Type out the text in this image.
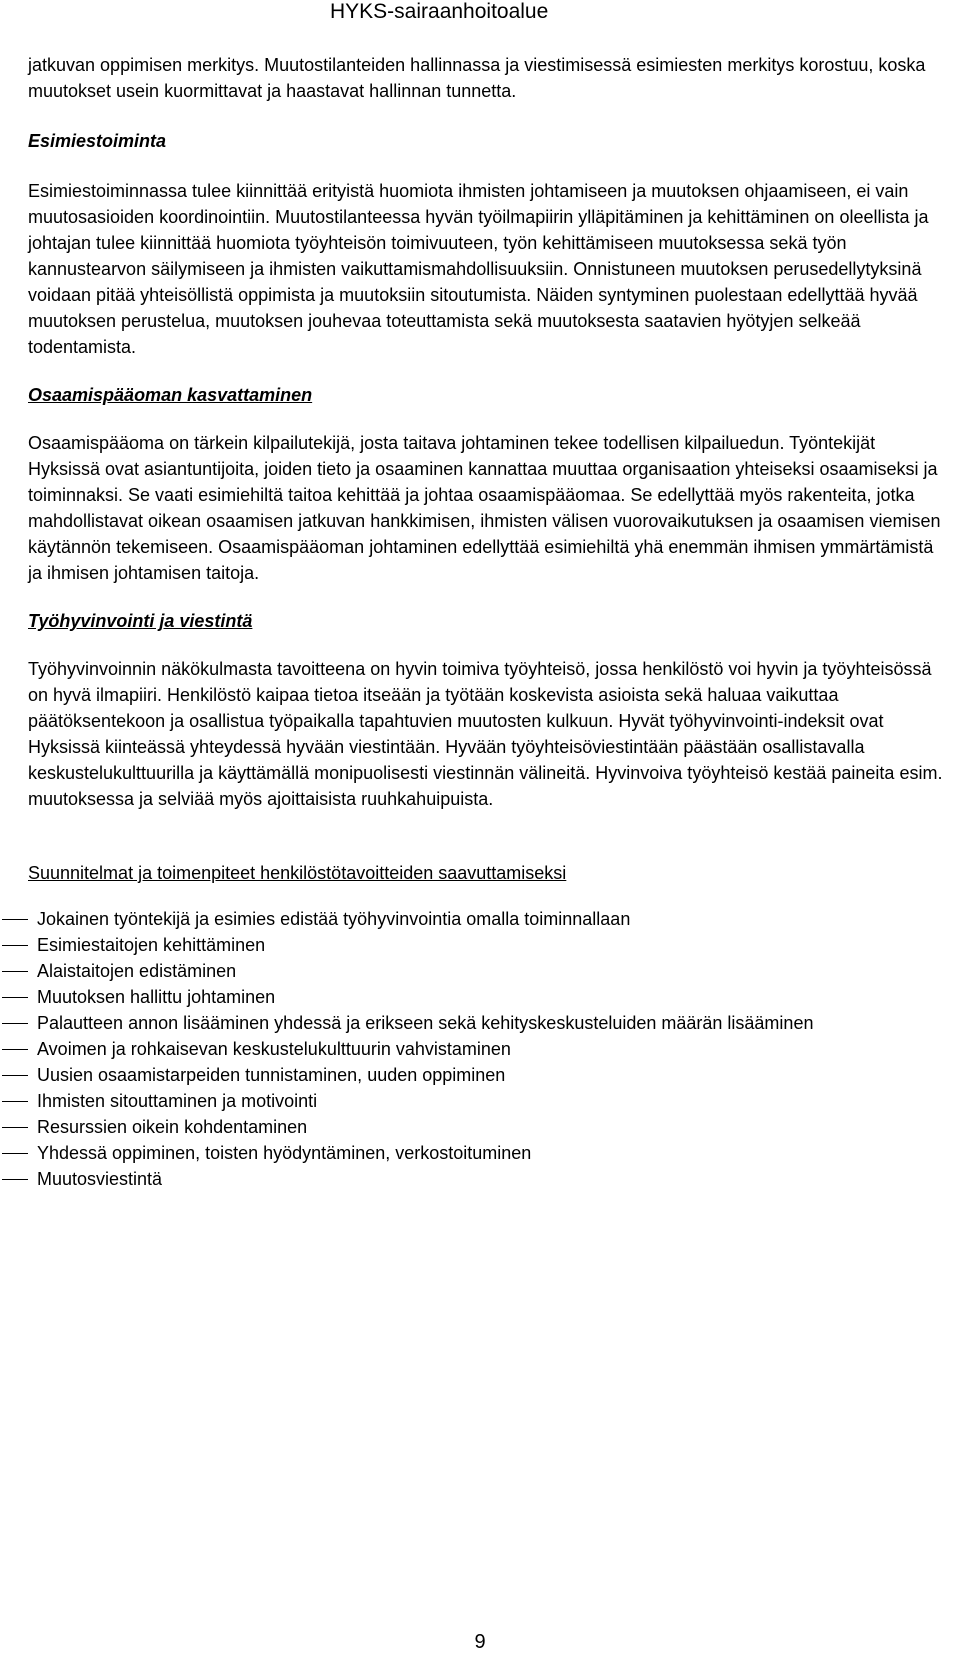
HYKS-sairaanhoitoalue

jatkuvan oppimisen merkitys. Muutostilanteiden hallinnassa ja viestimisessä esimiesten merkitys korostuu, koska muutokset usein kuormittavat ja haastavat hallinnan tunnetta.

Esimiestoiminta

Esimiestoiminnassa tulee kiinnittää erityistä huomiota ihmisten johtamiseen ja muutoksen ohjaamiseen, ei vain muutosasioiden koordinointiin. Muutostilanteessa hyvän työilmapiirin ylläpitäminen ja kehittäminen on oleellista ja johtajan tulee kiinnittää huomiota työyhteisön toimivuuteen, työn kehittämiseen muutoksessa sekä työn kannustearvon säilymiseen ja ihmisten vaikuttamismahdollisuuksiin. Onnistuneen muutoksen perusedellytyksinä voidaan pitää yhteisöllistä oppimista ja muutoksiin sitoutumista. Näiden syntyminen puolestaan edellyttää hyvää muutoksen perustelua, muutoksen jouhevaa toteuttamista sekä muutoksesta saatavien hyötyjen selkeää todentamista.

Osaamispääoman kasvattaminen

Osaamispääoma on tärkein kilpailutekijä, josta taitava johtaminen tekee todellisen kilpailuedun. Työntekijät Hyksissä ovat asiantuntijoita, joiden tieto ja osaaminen kannattaa muuttaa organisaation yhteiseksi osaamiseksi ja toiminnaksi. Se vaati esimiehiltä taitoa kehittää ja johtaa osaamispääomaa. Se edellyttää myös rakenteita, jotka mahdollistavat oikean osaamisen jatkuvan hankkimisen, ihmisten välisen vuorovaikutuksen ja osaamisen viemisen käytännön tekemiseen. Osaamispääoman johtaminen edellyttää esimiehiltä yhä enemmän ihmisen ymmärtämistä ja ihmisen johtamisen taitoja.

Työhyvinvointi ja viestintä

Työhyvinvoinnin näkökulmasta tavoitteena on hyvin toimiva työyhteisö, jossa henkilöstö voi hyvin ja työyhteisössä on hyvä ilmapiiri. Henkilöstö kaipaa tietoa itseään ja työtään koskevista asioista sekä haluaa vaikuttaa päätöksentekoon ja osallistua työpaikalla tapahtuvien muutosten kulkuun. Hyvät työhyvinvointi-indeksit ovat Hyksissä kiinteässä yhteydessä hyvään viestintään. Hyvään työyhteisöviestintään päästään osallistavalla keskustelukulttuurilla ja käyttämällä monipuolisesti viestinnän välineitä. Hyvinvoiva työyhteisö kestää paineita esim. muutoksessa ja selviää myös ajoittaisista ruuhkahuipuista.

Suunnitelmat ja toimenpiteet henkilöstötavoitteiden saavuttamiseksi
Jokainen työntekijä ja esimies edistää työhyvinvointia omalla toiminnallaan
Esimiestaitojen kehittäminen
Alaistaitojen edistäminen
Muutoksen hallittu johtaminen
Palautteen annon lisääminen yhdessä ja erikseen sekä kehityskeskusteluiden määrän lisääminen
Avoimen ja rohkaisevan keskustelukulttuurin vahvistaminen
Uusien osaamistarpeiden tunnistaminen, uuden oppiminen
Ihmisten sitouttaminen ja motivointi
Resurssien oikein kohdentaminen
Yhdessä oppiminen, toisten hyödyntäminen, verkostoituminen
Muutosviestintä
9
